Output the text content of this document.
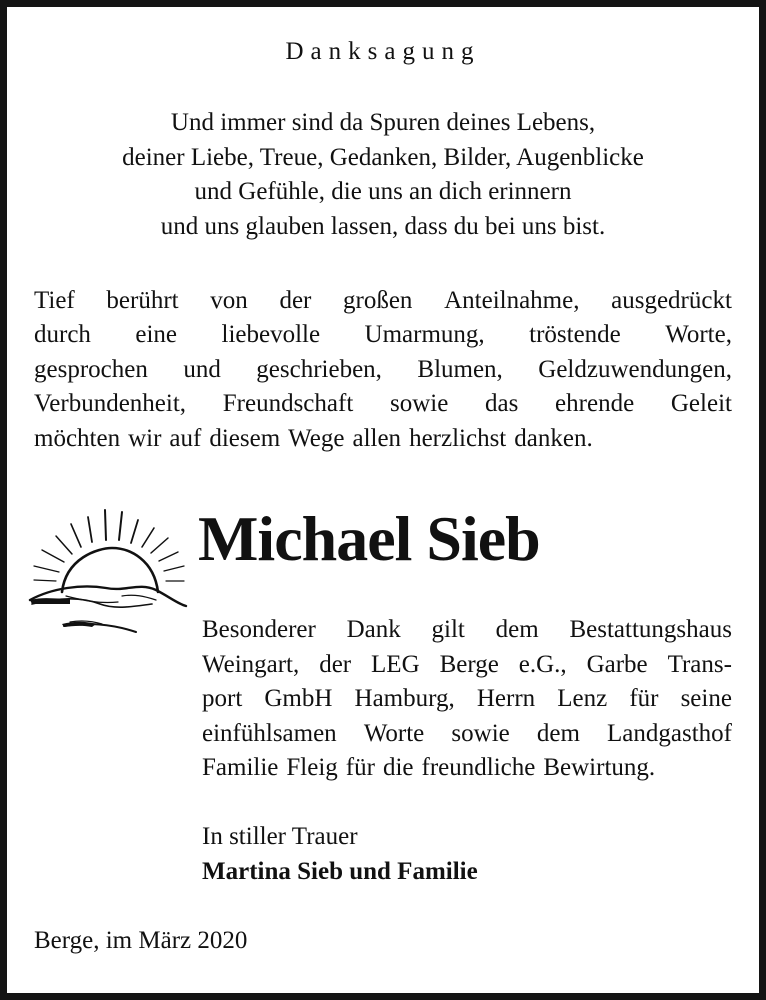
Danksagung
Und immer sind da Spuren deines Lebens,
deiner Liebe, Treue, Gedanken, Bilder, Augenblicke
und Gefühle, die uns an dich erinnern
und uns glauben lassen, dass du bei uns bist.
Tief berührt von der großen Anteilnahme, ausgedrückt
durch eine liebevolle Umarmung, tröstende Worte,
gesprochen und geschrieben, Blumen, Geldzuwendungen,
Verbundenheit, Freundschaft sowie das ehrende Geleit
möchten wir auf diesem Wege allen herzlichst danken.
Michael Sieb
Besonderer Dank gilt dem Bestattungshaus
Weingart, der LEG Berge e.G., Garbe Trans-
port GmbH Hamburg, Herrn Lenz für seine
einfühlsamen Worte sowie dem Landgasthof
Familie Fleig für die freundliche Bewirtung.
In stiller Trauer
Martina Sieb und Familie
Berge, im März 2020
